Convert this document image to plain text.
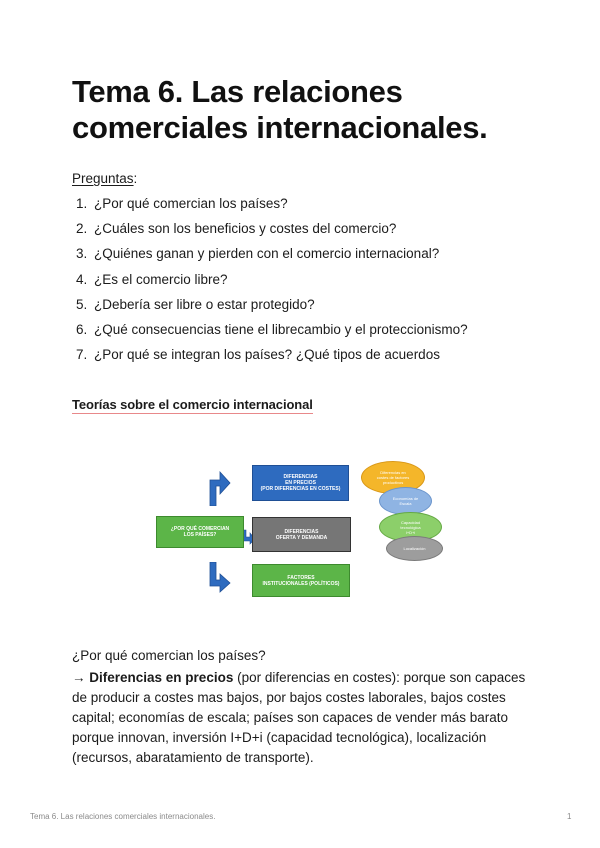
Tema 6. Las relaciones
comerciales internacionales.
Preguntas:
1. ¿Por qué comercian los países?
2. ¿Cuáles son los beneficios y costes del comercio?
3. ¿Quiénes ganan y pierden con el comercio internacional?
4. ¿Es el comercio libre?
5. ¿Debería ser libre o estar protegido?
6. ¿Qué consecuencias tiene el librecambio y el proteccionismo?
7. ¿Por qué se integran los países? ¿Qué tipos de acuerdos
Teorías sobre el comercio internacional
¿POR QUÉ COMERCIAN
LOS PAÍSES?
DIFERENCIAS
EN PRECIOS
(POR DIFERENCIAS EN COSTES)
DIFERENCIAS
OFERTA Y DEMANDA
FACTORES
INSTITUCIONALES (POLÍTICOS)
Diferencias en
costes de factores
productivos
Economías de
Escala
Capacidad
tecnológica
I+D+i
Localización
¿Por qué comercian los países?
→ Diferencias en precios (por diferencias en costes): porque son capaces de producir a costes mas bajos, por bajos costes laborales, bajos costes capital; economías de escala; países son capaces de vender más barato porque innovan, inversión I+D+i (capacidad tecnológica), localización (recursos, abaratamiento de transporte).
Tema 6. Las relaciones comerciales internacionales.	1
